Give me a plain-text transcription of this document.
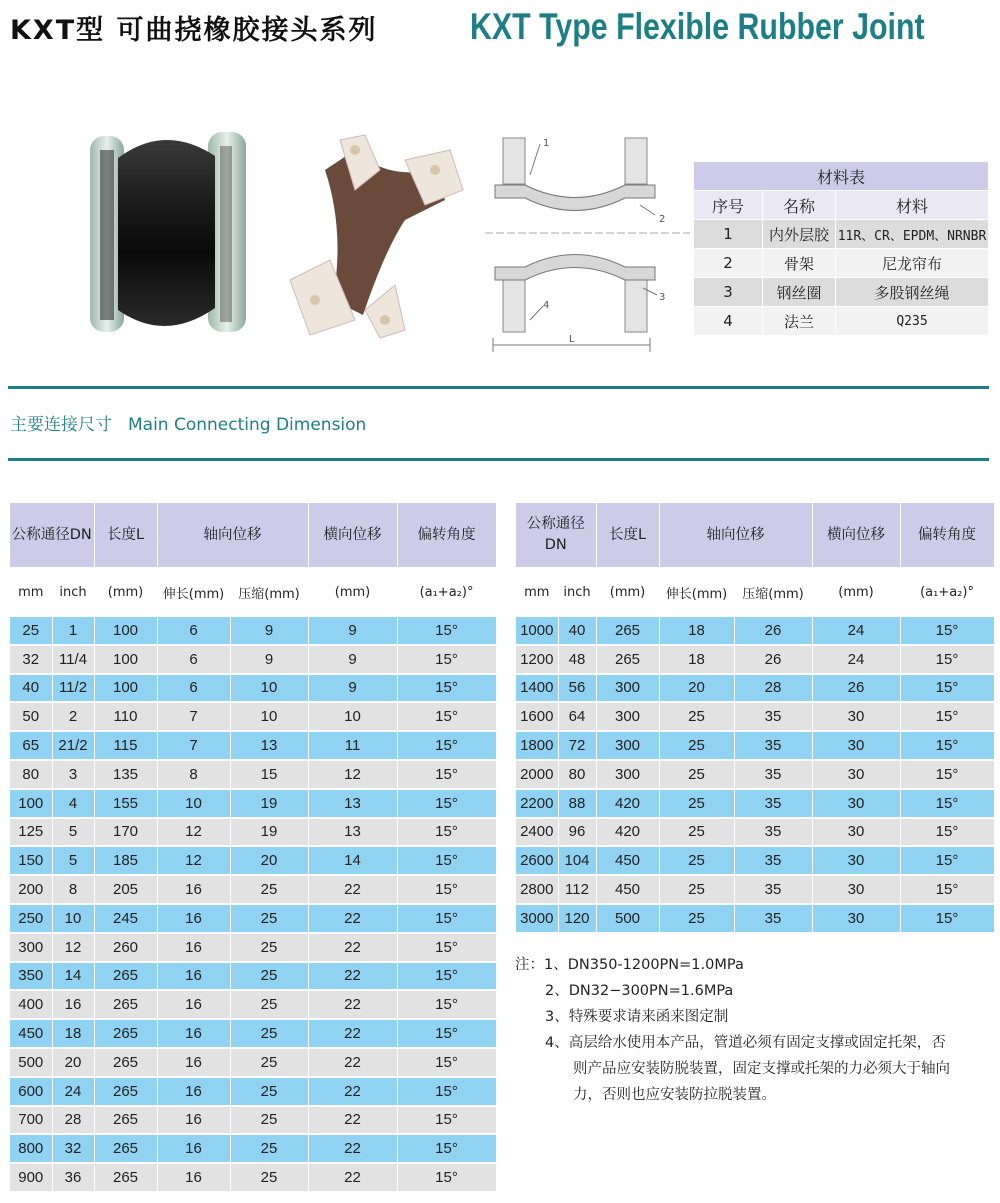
KXT型 可曲挠橡胶接头系列 KXT Type Flexible Rubber Joint
1
2
3
4
L
材料表		
序号	名称	材料
1	内外层胶	11R、CR、EPDM、NRNBR
2	骨架	尼龙帘布
3	钢丝圈	多股钢丝绳
4	法兰	Q235
主要连接尺寸 Main Connecting Dimension
公称通径DN		长度L	轴向位移		横向位移	偏转角度
mm	inch	(mm)	伸长(mm)	压缩(mm)	(mm)	(a₁+a₂)°
25	1	100	6	9	9	15°
32	11/4	100	6	9	9	15°
40	11/2	100	6	10	9	15°
50	2	110	7	10	10	15°
65	21/2	115	7	13	11	15°
80	3	135	8	15	12	15°
100	4	155	10	19	13	15°
125	5	170	12	19	13	15°
150	5	185	12	20	14	15°
200	8	205	16	25	22	15°
250	10	245	16	25	22	15°
300	12	260	16	25	22	15°
350	14	265	16	25	22	15°
400	16	265	16	25	22	15°
450	18	265	16	25	22	15°
500	20	265	16	25	22	15°
600	24	265	16	25	22	15°
700	28	265	16	25	22	15°
800	32	265	16	25	22	15°
900	36	265	16	25	22	15°
公称通径DN		长度L	轴向位移		横向位移	偏转角度
mm	inch	(mm)	伸长(mm)	压缩(mm)	(mm)	(a₁+a₂)°
1000	40	265	18	26	24	15°
1200	48	265	18	26	24	15°
1400	56	300	20	28	26	15°
1600	64	300	25	35	30	15°
1800	72	300	25	35	30	15°
2000	80	300	25	35	30	15°
2200	88	420	25	35	30	15°
2400	96	420	25	35	30	15°
2600	104	450	25	35	30	15°
2800	112	450	25	35	30	15°
3000	120	500	25	35	30	15°
注：1、DN350-1200PN=1.0MPa
2、DN32−300PN=1.6MPa
3、特殊要求请来函来图定制
4、高层给水使用本产品，管道必须有固定支撑或固定托架，否
则产品应安装防脱装置，固定支撑或托架的力必须大于轴向
力，否则也应安装防拉脱装置。
